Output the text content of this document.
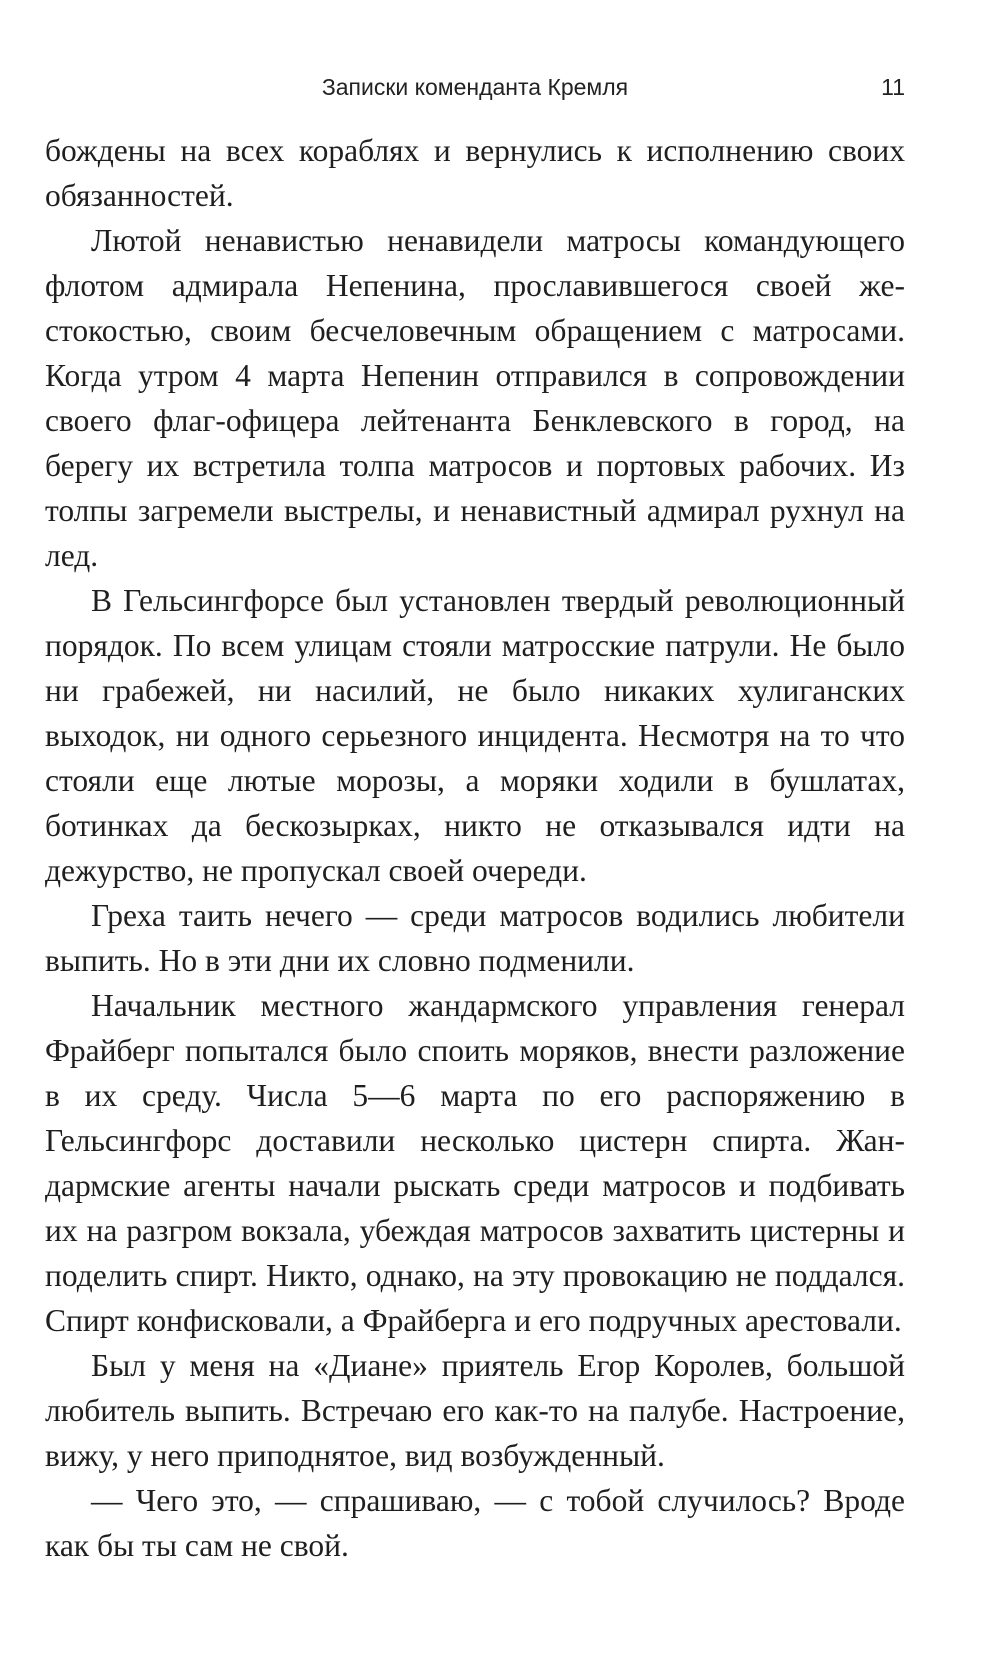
Записки коменданта Кремля	11

бождены на всех кораблях и вернулись к исполнению своих обязанностей.

Лютой ненавистью ненавидели матросы командующего флотом адмирала Непенина, прославившегося своей жестокостью, своим бесчеловечным обращением с матросами. Когда утром 4 марта Непенин отправился в сопровождении своего флаг-офицера лейтенанта Бенклевского в город, на берегу их встретила толпа матросов и портовых рабочих. Из толпы загремели выстрелы, и ненавистный адмирал рухнул на лед.

В Гельсингфорсе был установлен твердый революционный порядок. По всем улицам стояли матросские патрули. Не было ни грабежей, ни насилий, не было никаких хулиганских выходок, ни одного серьезного инцидента. Несмотря на то что стояли еще лютые морозы, а моряки ходили в бушлатах, ботинках да бескозырках, никто не отказывался идти на дежурство, не пропускал своей очереди.

Греха таить нечего — среди матросов водились любители выпить. Но в эти дни их словно подменили.

Начальник местного жандармского управления генерал Фрайберг попытался было споить моряков, внести разложение в их среду. Числа 5—6 марта по его распоряжению в Гельсингфорс доставили несколько цистерн спирта. Жандармские агенты начали рыскать среди матросов и подбивать их на разгром вокзала, убеждая матросов захватить цистерны и поделить спирт. Никто, однако, на эту провокацию не поддался. Спирт конфисковали, а Фрайберга и его подручных арестовали.

Был у меня на «Диане» приятель Егор Королев, большой любитель выпить. Встречаю его как-то на палубе. Настроение, вижу, у него приподнятое, вид возбужденный.

— Чего это, — спрашиваю, — с тобой случилось? Вроде как бы ты сам не свой.
